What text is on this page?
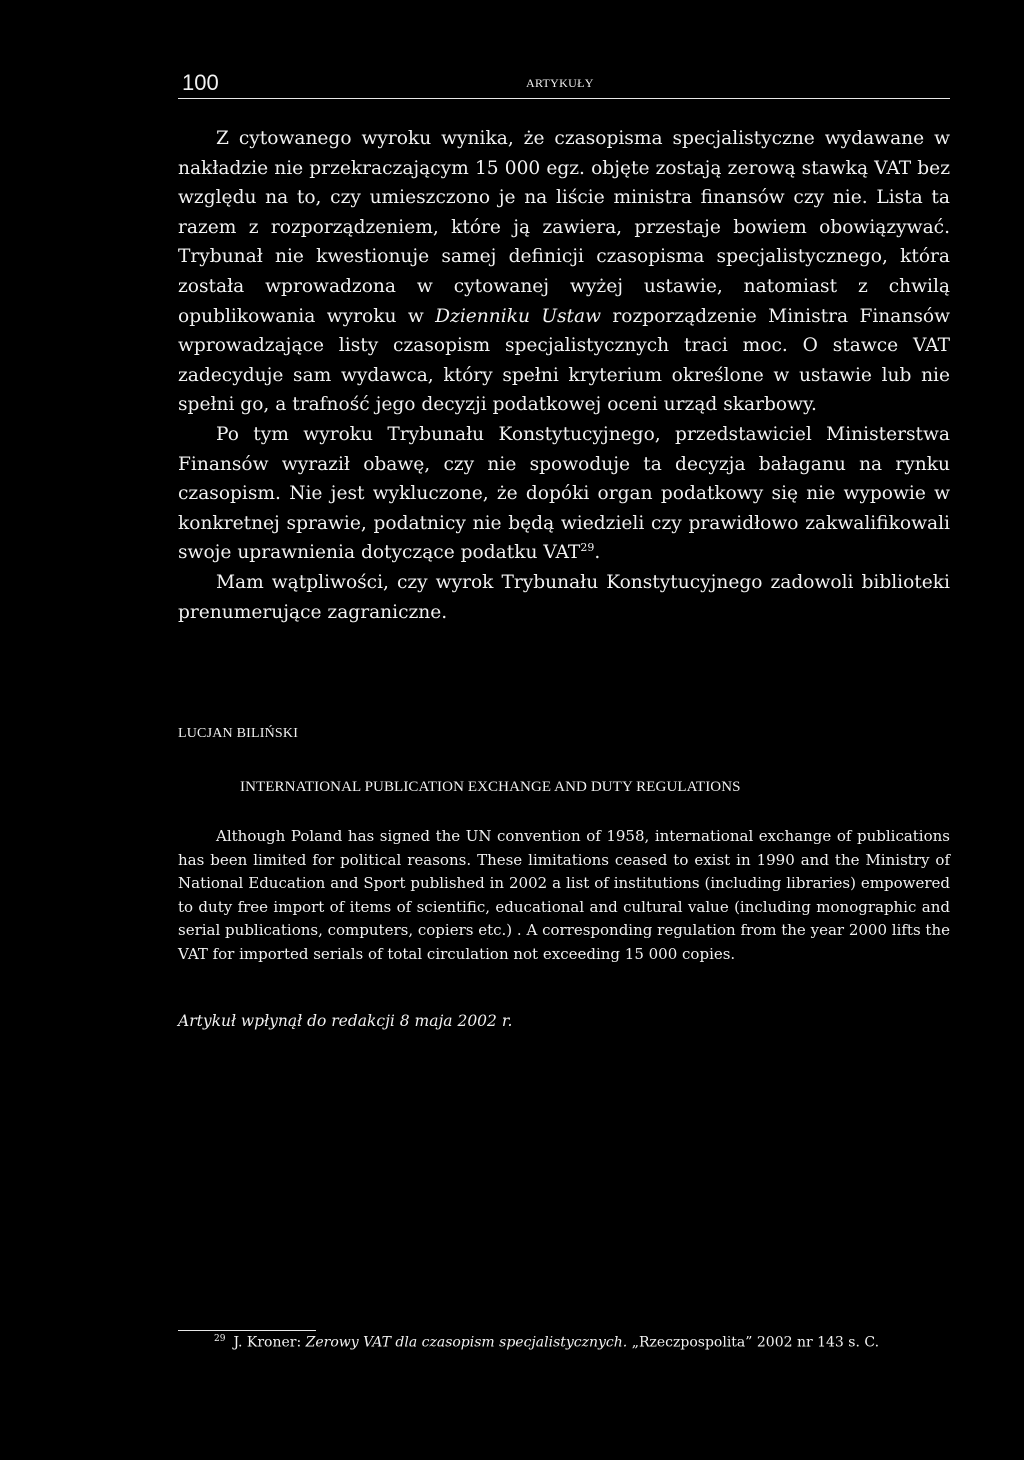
100	ARTYKUŁY

Z cytowanego wyroku wynika, że czasopisma specjalistyczne wydawane w nakładzie nie przekraczającym 15 000 egz. objęte zostają zerową stawką VAT bez względu na to, czy umieszczono je na liście ministra finansów czy nie. Lista ta razem z rozporządzeniem, które ją zawiera, przestaje bowiem obowiązywać. Trybunał nie kwestionuje samej definicji czasopisma specjalistycznego, która została wprowadzona w cytowanej wyżej ustawie, natomiast z chwilą opublikowania wyroku w Dzienniku Ustaw rozporządzenie Ministra Finansów wprowadzające listy czasopism specjalistycznych traci moc. O stawce VAT zadecyduje sam wydawca, który spełni kryterium określone w ustawie lub nie spełni go, a trafność jego decyzji podatkowej oceni urząd skarbowy.

Po tym wyroku Trybunału Konstytucyjnego, przedstawiciel Ministerstwa Finansów wyraził obawę, czy nie spowoduje ta decyzja bałaganu na rynku czasopism. Nie jest wykluczone, że dopóki organ podatkowy się nie wypowie w konkretnej sprawie, podatnicy nie będą wiedzieli czy prawidłowo zakwalifikowali swoje uprawnienia dotyczące podatku VAT$^{29}$.

Mam wątpliwości, czy wyrok Trybunału Konstytucyjnego zadowoli biblioteki prenumerujące zagraniczne.

LUCJAN BILIŃSKI
INTERNATIONAL PUBLICATION EXCHANGE AND DUTY REGULATIONS
Although Poland has signed the UN convention of 1958, international exchange of publications has been limited for political reasons. These limitations ceased to exist in 1990 and the Ministry of National Education and Sport published in 2002 a list of institutions (including libraries) empowered to duty free import of items of scientific, educational and cultural value (including monographic and serial publications, computers, copiers etc.) . A corresponding regulation from the year 2000 lifts the VAT for imported serials of total circulation not exceeding 15 000 copies.
Artykuł wpłynął do redakcji 8 maja 2002 r.
$^{29}$ J. Kroner: Zerowy VAT dla czasopism specjalistycznych. „Rzeczpospolita” 2002 nr 143 s. C.
